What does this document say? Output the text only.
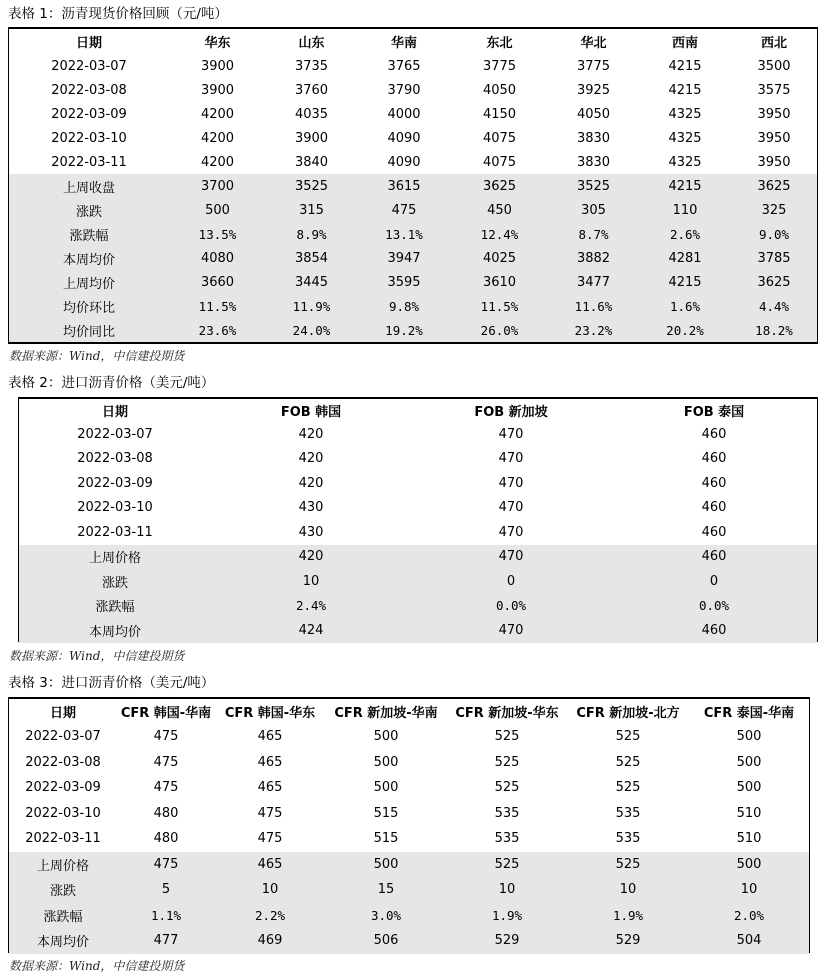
表格 1：沥青现货价格回顾（元/吨）
日期	华东	山东	华南	东北	华北	西南	西北
2022-03-07	3900	3735	3765	3775	3775	4215	3500
2022-03-08	3900	3760	3790	4050	3925	4215	3575
2022-03-09	4200	4035	4000	4150	4050	4325	3950
2022-03-10	4200	3900	4090	4075	3830	4325	3950
2022-03-11	4200	3840	4090	4075	3830	4325	3950
上周收盘	3700	3525	3615	3625	3525	4215	3625
涨跌	500	315	475	450	305	110	325
涨跌幅	13.5%	8.9%	13.1%	12.4%	8.7%	2.6%	9.0%
本周均价	4080	3854	3947	4025	3882	4281	3785
上周均价	3660	3445	3595	3610	3477	4215	3625
均价环比	11.5%	11.9%	9.8%	11.5%	11.6%	1.6%	4.4%
均价同比	23.6%	24.0%	19.2%	26.0%	23.2%	20.2%	18.2%
数据来源：Wind，中信建投期货
表格 2：进口沥青价格（美元/吨）
日期	FOB 韩国	FOB 新加坡	FOB 泰国
2022-03-07	420	470	460
2022-03-08	420	470	460
2022-03-09	420	470	460
2022-03-10	430	470	460
2022-03-11	430	470	460
上周价格	420	470	460
涨跌	10	0	0
涨跌幅	2.4%	0.0%	0.0%
本周均价	424	470	460
数据来源：Wind，中信建投期货
表格 3：进口沥青价格（美元/吨）
日期	CFR 韩国-华南	CFR 韩国-华东	CFR 新加坡-华南	CFR 新加坡-华东	CFR 新加坡-北方	CFR 泰国-华南
2022-03-07	475	465	500	525	525	500
2022-03-08	475	465	500	525	525	500
2022-03-09	475	465	500	525	525	500
2022-03-10	480	475	515	535	535	510
2022-03-11	480	475	515	535	535	510
上周价格	475	465	500	525	525	500
涨跌	5	10	15	10	10	10
涨跌幅	1.1%	2.2%	3.0%	1.9%	1.9%	2.0%
本周均价	477	469	506	529	529	504
数据来源：Wind，中信建投期货
